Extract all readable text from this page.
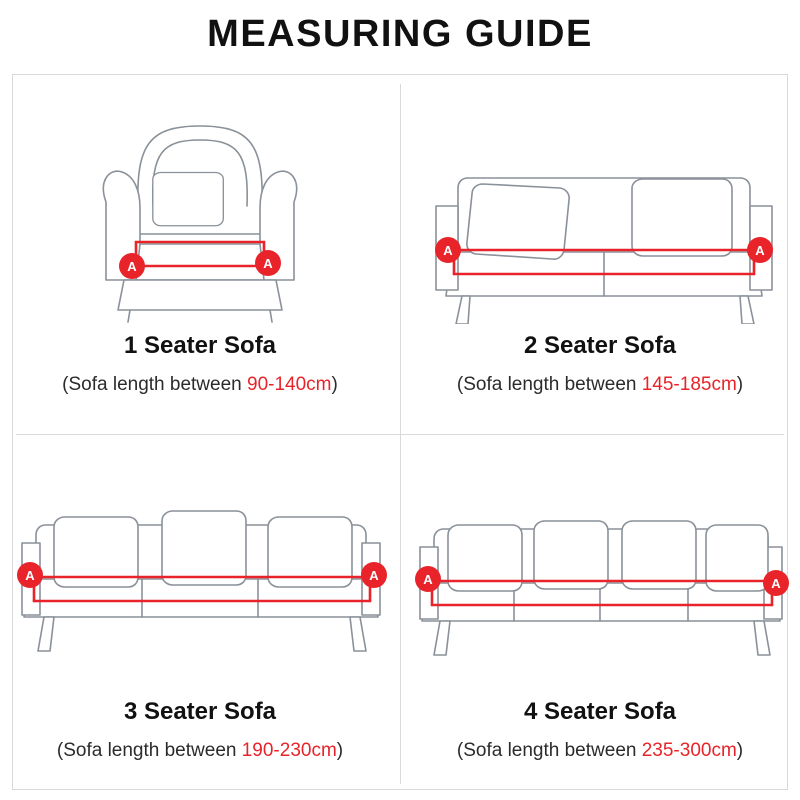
MEASURING GUIDE
A	A
1 Seater Sofa
(Sofa length between 90-140cm)
A	A
2 Seater Sofa
(Sofa length between 145-185cm)
A	A
3 Seater Sofa
(Sofa length between 190-230cm)
A	A
4 Seater Sofa
(Sofa length between 235-300cm)
